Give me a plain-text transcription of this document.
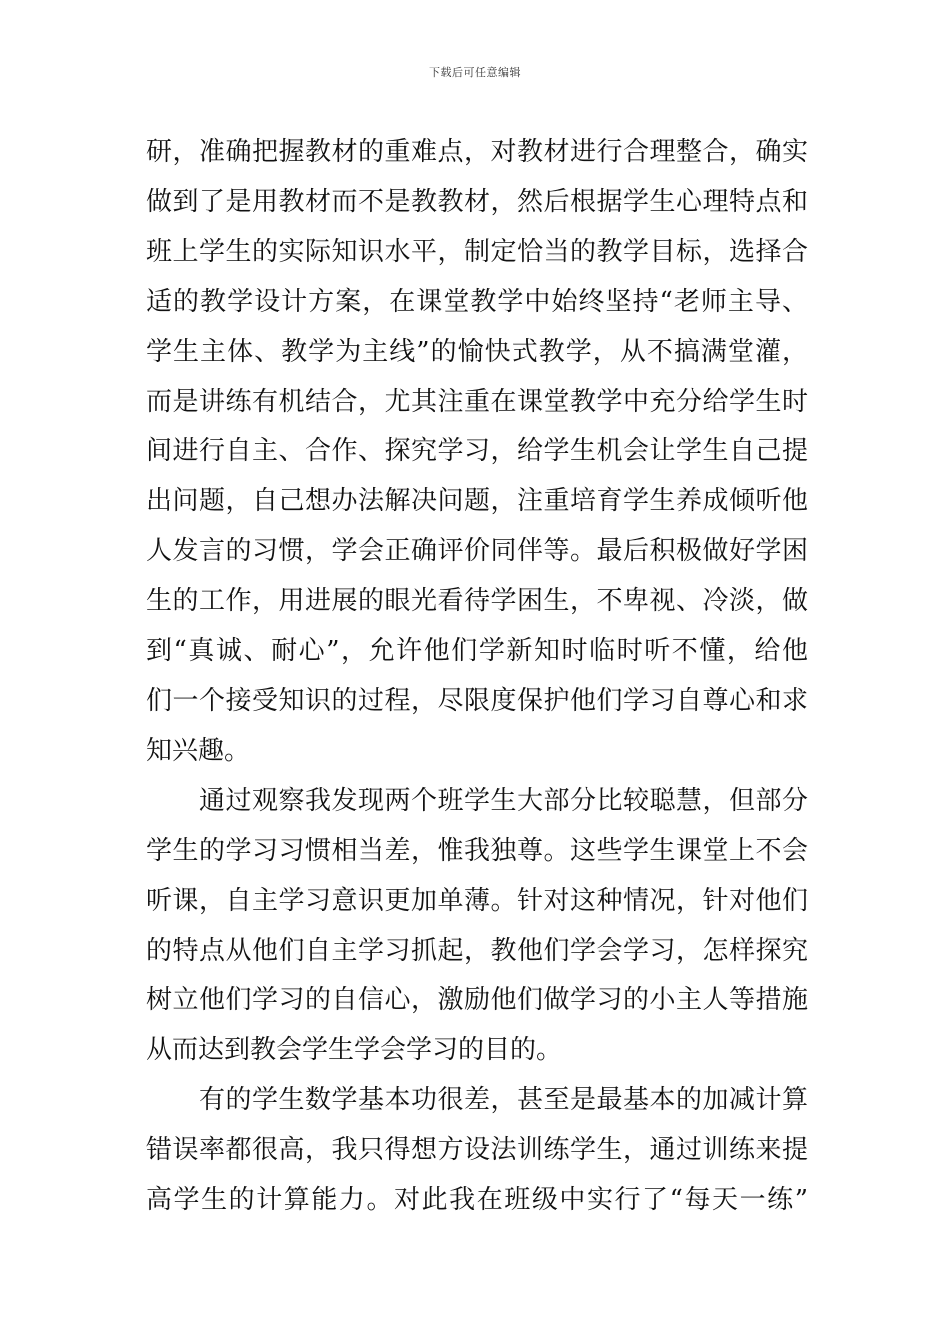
下载后可任意编辑

研，准确把握教材的重难点，对教材进行合理整合，确实
做到了是用教材而不是教教材，然后根据学生心理特点和
班上学生的实际知识水平，制定恰当的教学目标，选择合
适的教学设计方案，在课堂教学中始终坚持“老师主导、
学生主体、教学为主线”的愉快式教学，从不搞满堂灌，
而是讲练有机结合，尤其注重在课堂教学中充分给学生时
间进行自主、合作、探究学习，给学生机会让学生自己提
出问题，自己想办法解决问题，注重培育学生养成倾听他
人发言的习惯，学会正确评价同伴等。最后积极做好学困
生的工作，用进展的眼光看待学困生，不卑视、冷淡，做
到“真诚、耐心”，允许他们学新知时临时听不懂，给他
们一个接受知识的过程，尽限度保护他们学习自尊心和求
知兴趣。

通过观察我发现两个班学生大部分比较聪慧，但部分
学生的学习习惯相当差，惟我独尊。这些学生课堂上不会
听课，自主学习意识更加单薄。针对这种情况，针对他们
的特点从他们自主学习抓起，教他们学会学习，怎样探究
树立他们学习的自信心，激励他们做学习的小主人等措施
从而达到教会学生学会学习的目的。

有的学生数学基本功很差，甚至是最基本的加减计算
错误率都很高，我只得想方设法训练学生，通过训练来提
高学生的计算能力。对此我在班级中实行了“每天一练”
